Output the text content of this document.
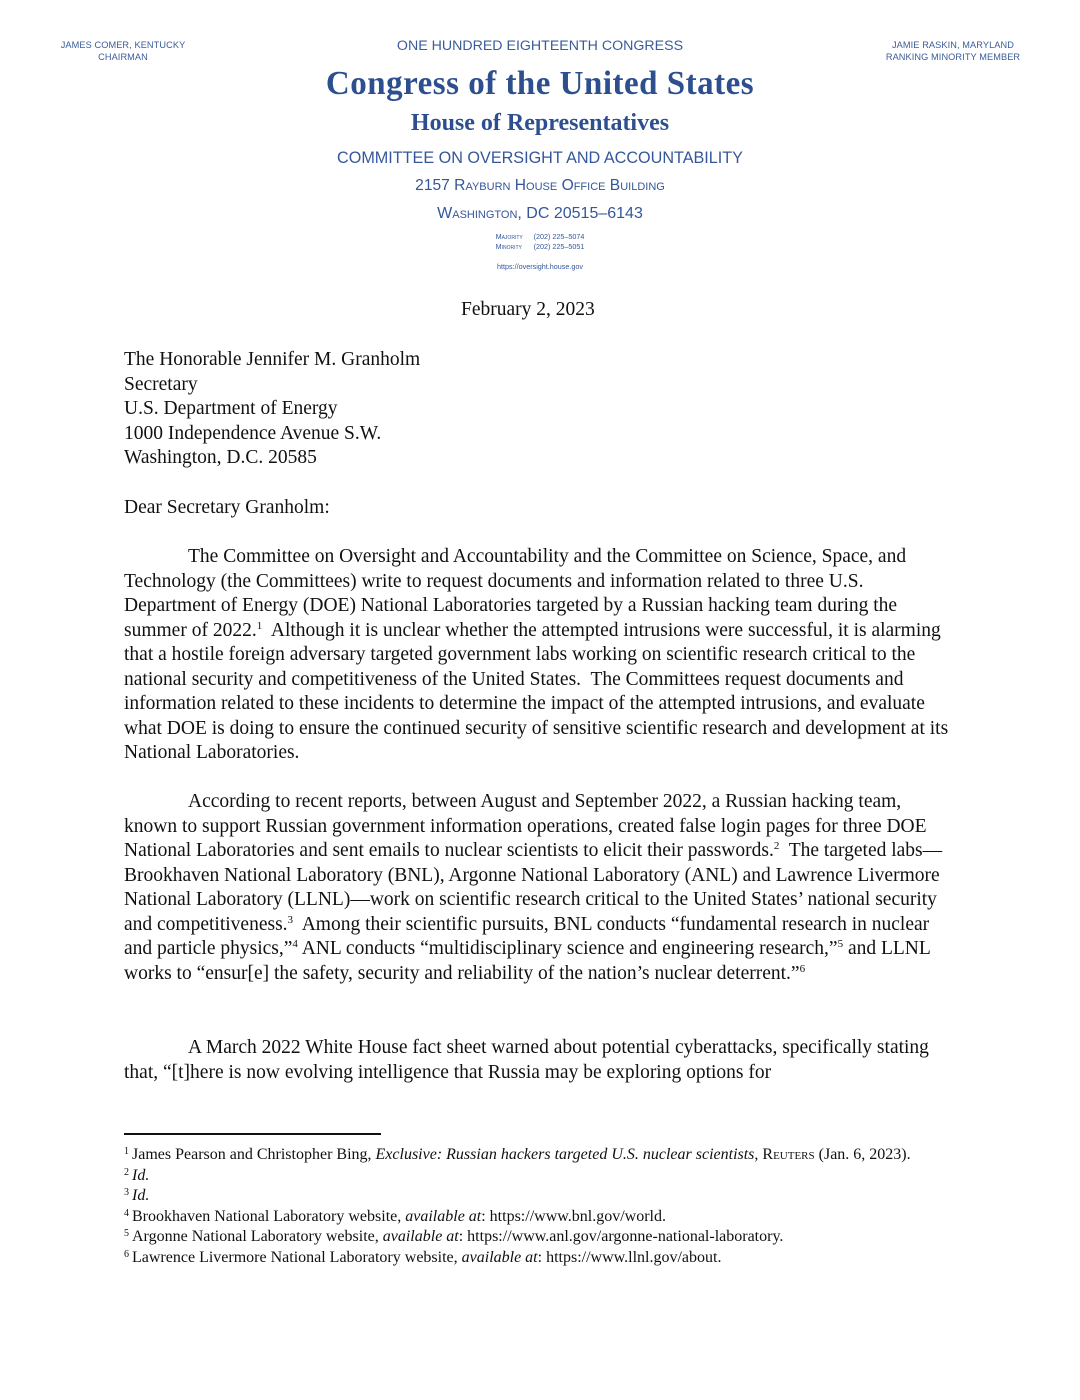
JAMES COMER, KENTUCKY
CHAIRMAN
JAMIE RASKIN, MARYLAND
RANKING MINORITY MEMBER
ONE HUNDRED EIGHTEENTH CONGRESS
Congress of the United States
House of Representatives
COMMITTEE ON OVERSIGHT AND ACCOUNTABILITY
2157 Rayburn House Office Building
Washington, DC 20515–6143
Majority (202) 225–5074
Minority (202) 225–5051
https://oversight.house.gov
February 2, 2023
The Honorable Jennifer M. Granholm
Secretary
U.S. Department of Energy
1000 Independence Avenue S.W.
Washington, D.C. 20585
Dear Secretary Granholm:
The Committee on Oversight and Accountability and the Committee on Science, Space, and Technology (the Committees) write to request documents and information related to three U.S. Department of Energy (DOE) National Laboratories targeted by a Russian hacking team during the summer of 2022.$^1$  Although it is unclear whether the attempted intrusions were successful, it is alarming that a hostile foreign adversary targeted government labs working on scientific research critical to the national security and competitiveness of the United States.  The Committees request documents and information related to these incidents to determine the impact of the attempted intrusions, and evaluate what DOE is doing to ensure the continued security of sensitive scientific research and development at its National Laboratories.
According to recent reports, between August and September 2022, a Russian hacking team, known to support Russian government information operations, created false login pages for three DOE National Laboratories and sent emails to nuclear scientists to elicit their passwords.$^2$  The targeted labs—Brookhaven National Laboratory (BNL), Argonne National Laboratory (ANL) and Lawrence Livermore National Laboratory (LLNL)—work on scientific research critical to the United States’ national security and competitiveness.$^3$  Among their scientific pursuits, BNL conducts “fundamental research in nuclear and particle physics,”$^4$ ANL conducts “multidisciplinary science and engineering research,”$^5$ and LLNL works to “ensur[e] the safety, security and reliability of the nation’s nuclear deterrent.”$^6$
A March 2022 White House fact sheet warned about potential cyberattacks, specifically stating that, “[t]here is now evolving intelligence that Russia may be exploring options for
$^1$ James Pearson and Christopher Bing, Exclusive: Russian hackers targeted U.S. nuclear scientists, Reuters (Jan. 6, 2023).
$^2$ Id.
$^3$ Id.
$^4$ Brookhaven National Laboratory website, available at: https://www.bnl.gov/world.
$^5$ Argonne National Laboratory website, available at: https://www.anl.gov/argonne-national-laboratory.
$^6$ Lawrence Livermore National Laboratory website, available at: https://www.llnl.gov/about.
